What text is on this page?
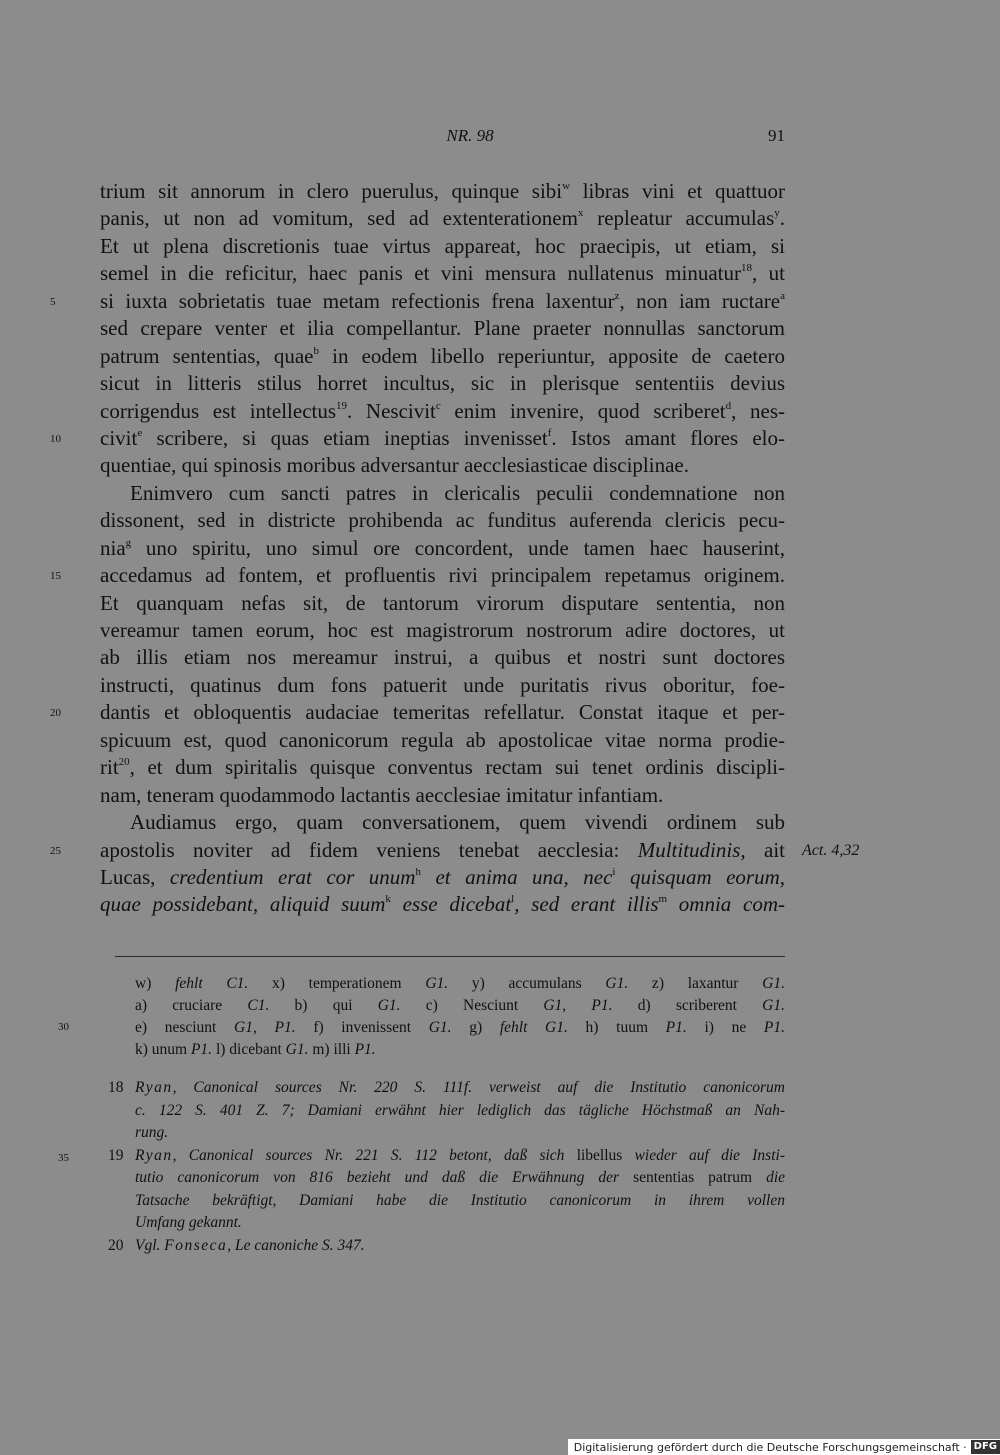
NR. 98	91
trium sit annorum in clero puerulus, quinque sibi$^w$ libras vini et quattuor
panis, ut non ad vomitum, sed ad extenterationem$^x$ repleatur accumulas$^y$.
Et ut plena discretionis tuae virtus appareat, hoc praecipis, ut etiam, si
semel in die reficitur, haec panis et vini mensura nullatenus minuatur$^{18}$, ut
5	si iuxta sobrietatis tuae metam refectionis frena laxentur$^z$, non iam ructare$^a$
sed crepare venter et ilia compellantur. Plane praeter nonnullas sanctorum
patrum sententias, quae$^b$ in eodem libello reperiuntur, apposite de caetero
sicut in litteris stilus horret incultus, sic in plerisque sententiis devius
corrigendus est intellectus$^{19}$. Nescivit$^c$ enim invenire, quod scriberet$^d$, nes-
10	civit$^e$ scribere, si quas etiam ineptias invenisset$^f$. Istos amant flores elo-
quentiae, qui spinosis moribus adversantur aecclesiasticae disciplinae.
Enimvero cum sancti patres in clericalis peculii condemnatione non
dissonent, sed in districte prohibenda ac funditus auferenda clericis pecu-
nia$^g$ uno spiritu, uno simul ore concordent, unde tamen haec hauserint,
15	accedamus ad fontem, et profluentis rivi principalem repetamus originem.
Et quanquam nefas sit, de tantorum virorum disputare sententia, non
vereamur tamen eorum, hoc est magistrorum nostrorum adire doctores, ut
ab illis etiam nos mereamur instrui, a quibus et nostri sunt doctores
instructi, quatinus dum fons patuerit unde puritatis rivus oboritur, foe-
20	dantis et obloquentis audaciae temeritas refellatur. Constat itaque et per-
spicuum est, quod canonicorum regula ab apostolicae vitae norma prodie-
rit$^{20}$, et dum spiritalis quisque conventus rectam sui tenet ordinis discipli-
nam, teneram quodammodo lactantis aecclesiae imitatur infantiam.
Audiamus ergo, quam conversationem, quem vivendi ordinem sub
25	apostolis noviter ad fidem veniens tenebat aecclesia: Multitudinis, ait Act. 4,32
Lucas, credentium erat cor unum$^h$ et anima una, nec$^i$ quisquam eorum,
quae possidebant, aliquid suum$^k$ esse dicebat$^l$, sed erant illis$^m$ omnia com-
w) fehlt C1. x) temperationem G1. y) accumulans G1. z) laxantur G1.
a) cruciare C1. b) qui G1. c) Nesciunt G1, P1. d) scriberent G1.
e) nesciunt G1, P1. f) invenissent G1. g) fehlt G1. h) tuum P1. i) ne P1.
30
k) unum P1. l) dicebant G1. m) illi P1.
18 Ryan, Canonical sources Nr. 220 S. 111f. verweist auf die Institutio canonicorum
c. 122 S. 401 Z. 7; Damiani erwähnt hier lediglich das tägliche Höchstmaß an Nah-
rung.
19
35	Ryan, Canonical sources Nr. 221 S. 112 betont, daß sich libellus wieder auf die Insti-
tutio canonicorum von 816 bezieht und daß die Erwähnung der sententias patrum die
Tatsache bekräftigt, Damiani habe die Institutio canonicorum in ihrem vollen
Umfang gekannt.
20 Vgl. Fonseca, Le canoniche S. 347.
Digitalisierung gefördert durch die Deutsche Forschungsgemeinschaft · DFG
